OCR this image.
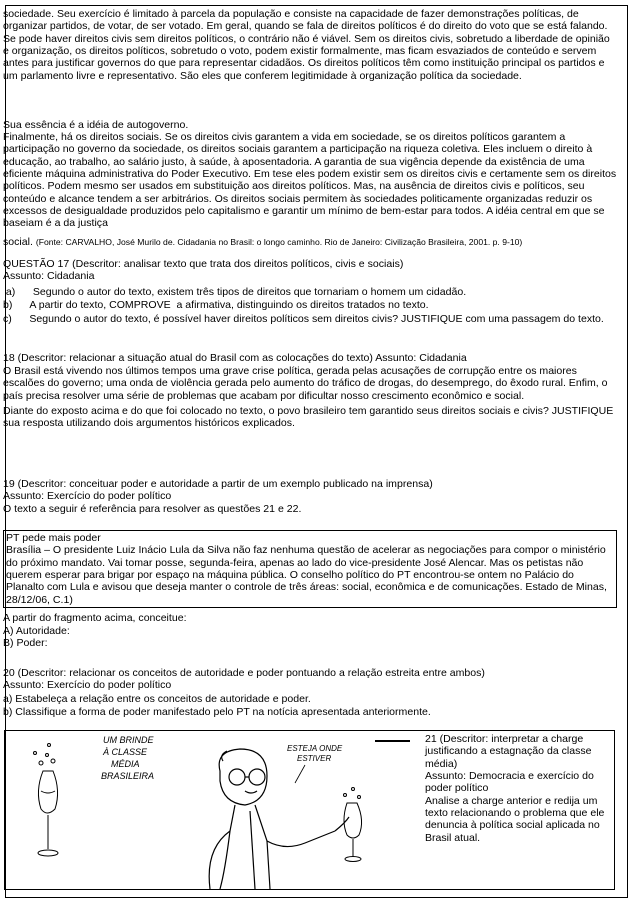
sociedade. Seu exercício é limitado à parcela da população e consiste na capacidade de fazer demonstrações políticas, de organizar partidos, de votar, de ser votado. Em geral, quando se fala de direitos políticos é do direito do voto que se está falando. Se pode haver direitos civis sem direitos políticos, o contrário não é viável. Sem os direitos civis, sobretudo a liberdade de opinião e organização, os direitos políticos, sobretudo o voto, podem existir formalmente, mas ficam esvaziados de conteúdo e servem antes para justificar governos do que para representar cidadãos. Os direitos políticos têm como instituição principal os partidos e um parlamento livre e representativo. São eles que conferem legitimidade à organização política da sociedade.
Sua essência é a idéia de autogoverno.
Finalmente, há os direitos sociais. Se os direitos civis garantem a vida em sociedade, se os direitos políticos garantem a participação no governo da sociedade, os direitos sociais garantem a participação na riqueza coletiva. Eles incluem o direito à educação, ao trabalho, ao salário justo, à saúde, à aposentadoria. A garantia de sua vigência depende da existência de uma eficiente máquina administrativa do Poder Executivo. Em tese eles podem existir sem os direitos civis e certamente sem os direitos políticos. Podem mesmo ser usados em substituição aos direitos políticos. Mas, na ausência de direitos civis e políticos, seu conteúdo e alcance tendem a ser arbitrários. Os direitos sociais permitem às sociedades politicamente organizadas reduzir os excessos de desigualdade produzidos pelo capitalismo e garantir um mínimo de bem-estar para todos. A idéia central em que se baseiam é a da justiça
social. (Fonte: CARVALHO, José Murilo de. Cidadania no Brasil: o longo caminho. Rio de Janeiro: Civilização Brasileira, 2001. p. 9-10)
QUESTÃO 17 (Descritor: analisar texto que trata dos direitos políticos, civis e sociais)
Assunto: Cidadania
a)      Segundo o autor do texto, existem três tipos de direitos que tornariam o homem um cidadão.
b)      A partir do texto, COMPROVE  a afirmativa, distinguindo os direitos tratados no texto.
c)      Segundo o autor do texto, é possível haver direitos políticos sem direitos civis? JUSTIFIQUE com uma passagem do texto.
18 (Descritor: relacionar a situação atual do Brasil com as colocações do texto) Assunto: Cidadania
O Brasil está vivendo nos últimos tempos uma grave crise política, gerada pelas acusações de corrupção entre os maiores escalões do governo; uma onda de violência gerada pelo aumento do tráfico de drogas, do desemprego, do êxodo rural. Enfim, o país precisa resolver uma série de problemas que acabam por dificultar nosso crescimento econômico e social.
Diante do exposto acima e do que foi colocado no texto, o povo brasileiro tem garantido seus direitos sociais e civis? JUSTIFIQUE sua resposta utilizando dois argumentos históricos explicados.
19 (Descritor: conceituar poder e autoridade a partir de um exemplo publicado na imprensa)
Assunto: Exercício do poder político
O texto a seguir é referência para resolver as questões 21 e 22.
PT pede mais poder
Brasília – O presidente Luiz Inácio Lula da Silva não faz nenhuma questão de acelerar as negociações para compor o ministério do próximo mandato. Vai tomar posse, segunda-feira, apenas ao lado do vice-presidente José Alencar. Mas os petistas não querem esperar para brigar por espaço na máquina pública. O conselho político do PT encontrou-se ontem no Palácio do Planalto com Lula e avisou que deseja manter o controle de três áreas: social, econômica e de comunicações. Estado de Minas, 28/12/06, C.1)
A partir do fragmento acima, conceitue:
A) Autoridade:
B) Poder:
20 (Descritor: relacionar os conceitos de autoridade e poder pontuando a relação estreita entre ambos)
Assunto: Exercício do poder político
a) Estabeleça a relação entre os conceitos de autoridade e poder.
b) Classifique a forma de poder manifestado pelo PT na notícia apresentada anteriormente.
UM BRINDE
À CLASSE
MÉDIA
BRASILEIRA
ESTEJA ONDE
ESTIVER
21 (Descritor: interpretar a charge justificando a estagnação da classe média)
Assunto: Democracia e exercício do poder político
Analise a charge anterior e redija um texto relacionando o problema que ele denuncia à política social aplicada no Brasil atual.
